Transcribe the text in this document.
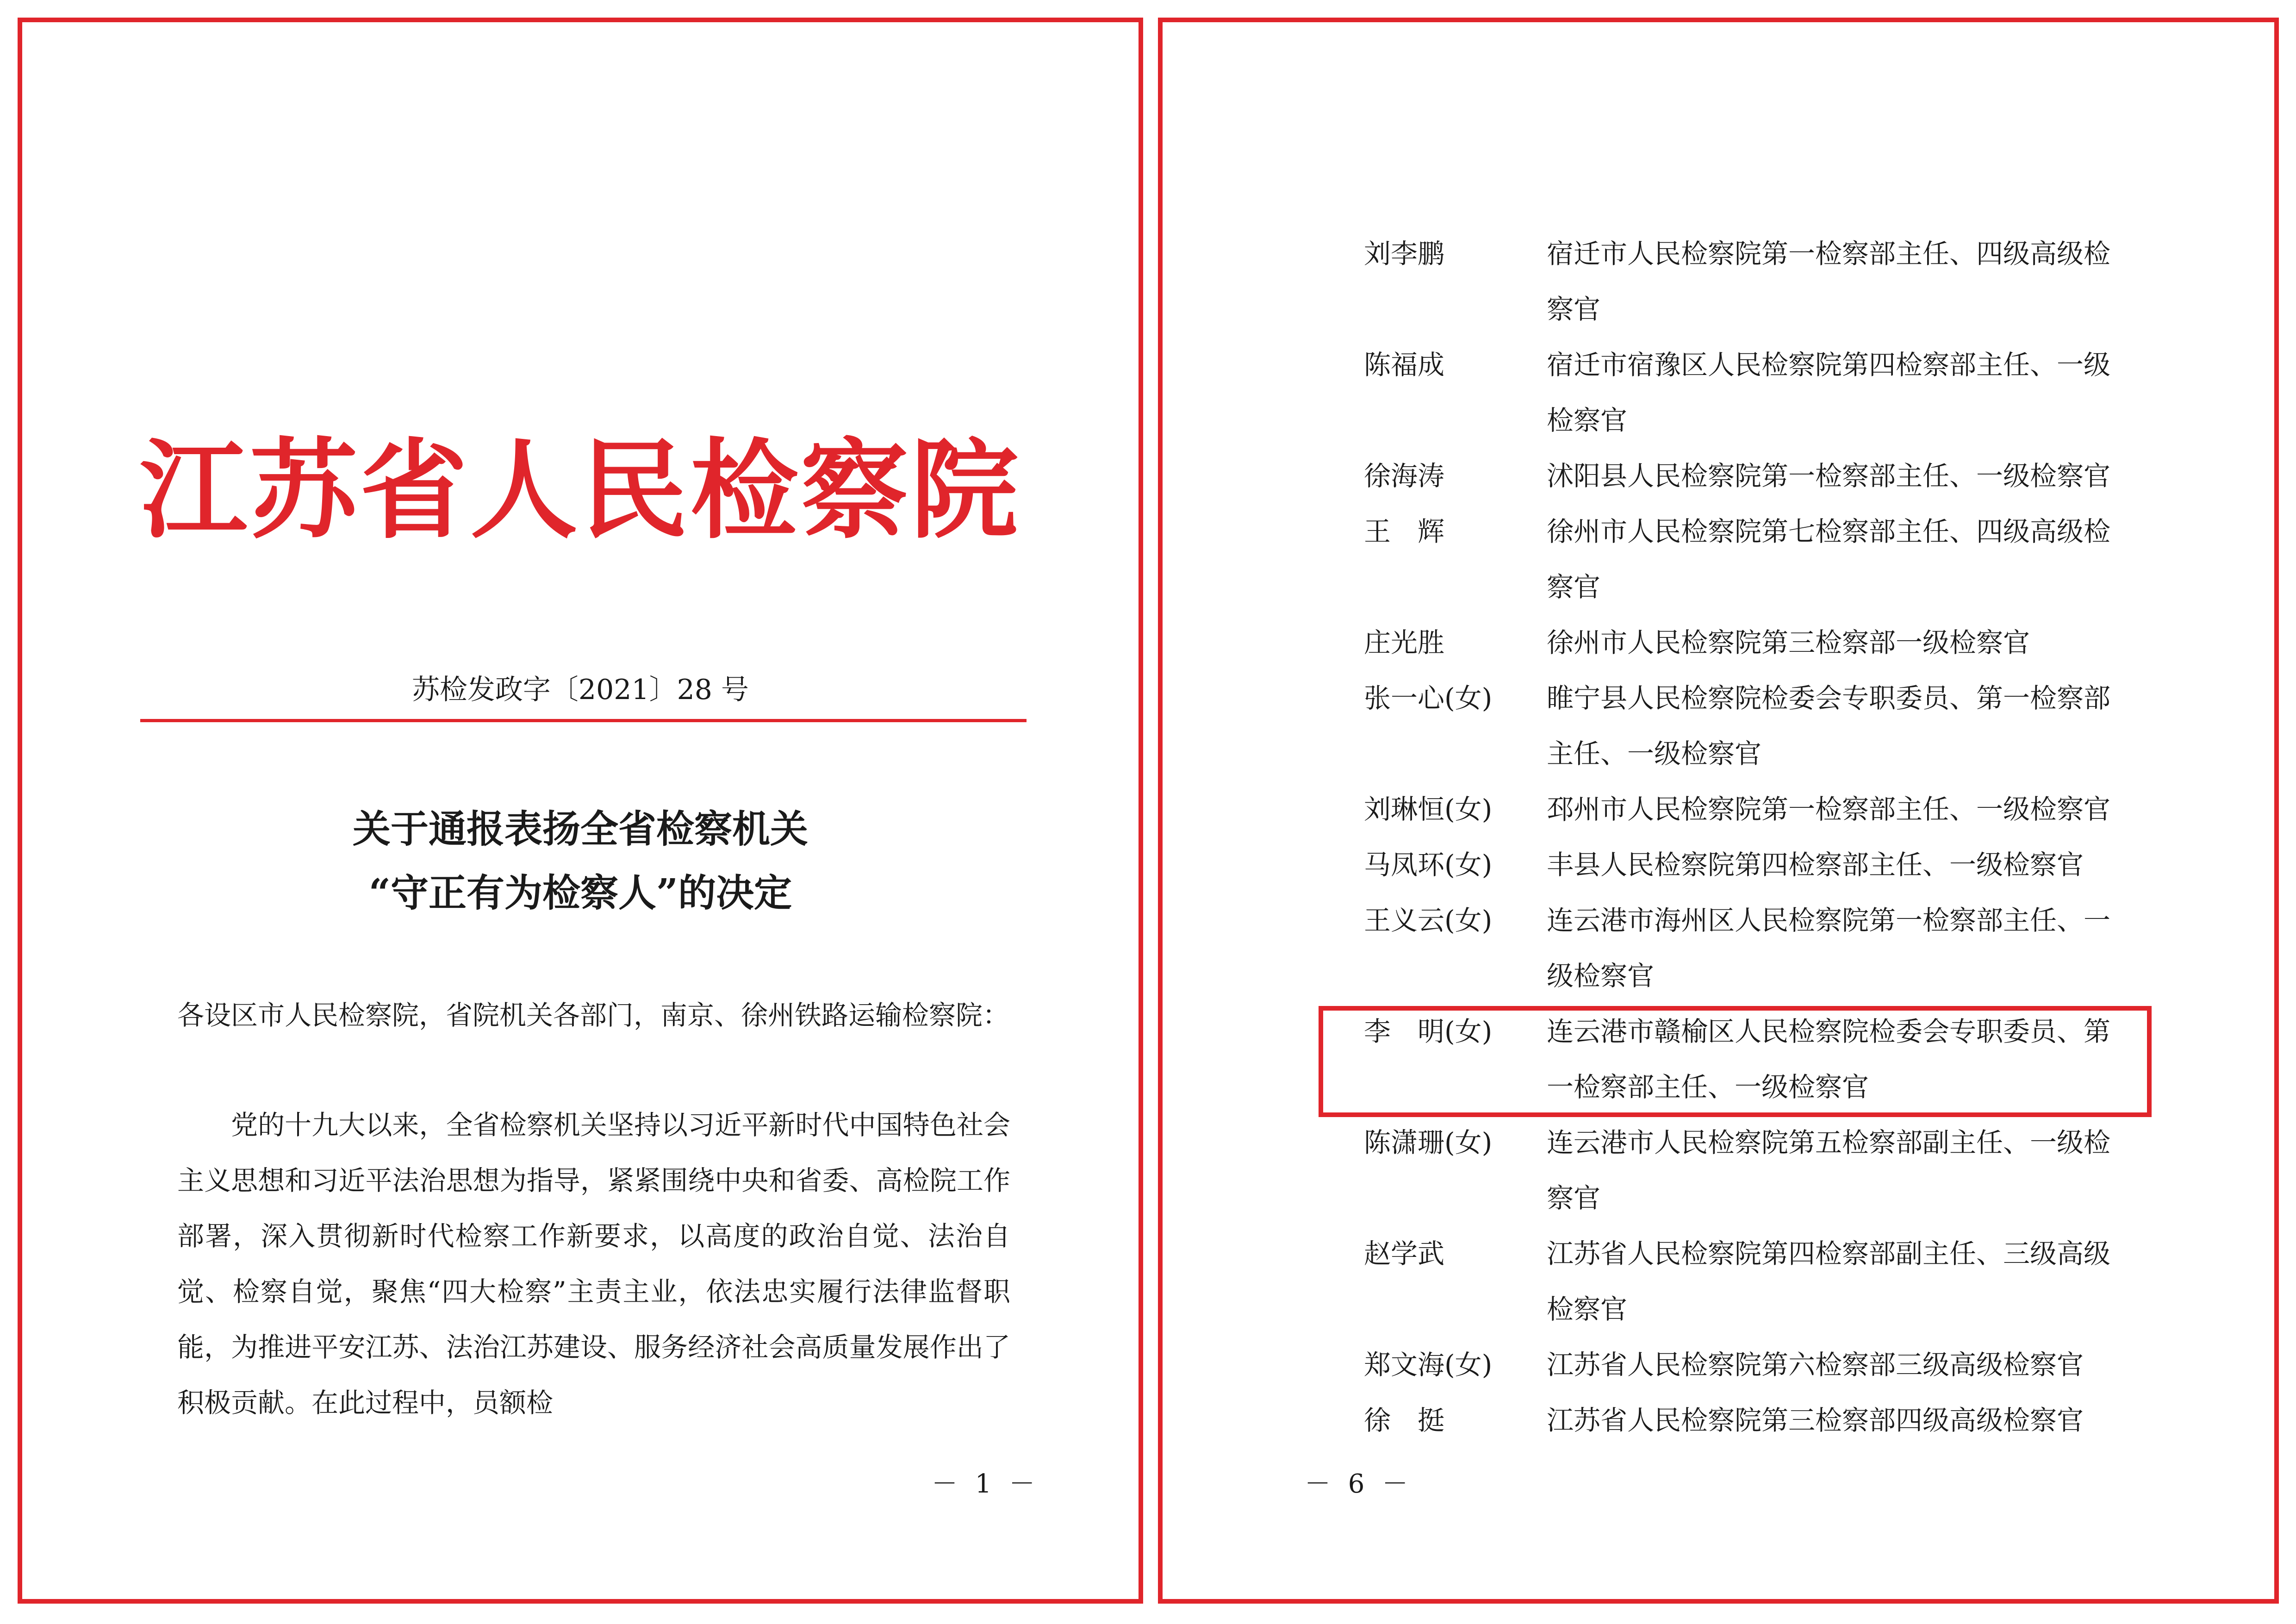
江苏省人民检察院
苏检发政字〔2021〕28 号
关于通报表扬全省检察机关
“守正有为检察人”的决定
各设区市人民检察院，省院机关各部门，南京、徐州铁路运输检察院：
党的十九大以来，全省检察机关坚持以习近平新时代中国特色社会主义思想和习近平法治思想为指导，紧紧围绕中央和省委、高检院工作部署，深入贯彻新时代检察工作新要求，以高度的政治自觉、法治自觉、检察自觉，聚焦“四大检察”主责主业，依法忠实履行法律监督职能，为推进平安江苏、法治江苏建设、服务经济社会高质量发展作出了积极贡献。在此过程中，员额检
－ 1 －
刘李鹏	宿迁市人民检察院第一检察部主任、四级高级检察官
陈福成	宿迁市宿豫区人民检察院第四检察部主任、一级检察官
徐海涛	沭阳县人民检察院第一检察部主任、一级检察官
王　辉	徐州市人民检察院第七检察部主任、四级高级检察官
庄光胜	徐州市人民检察院第三检察部一级检察官
张一心(女) 睢宁县人民检察院检委会专职委员、第一检察部主任、一级检察官
刘琳恒(女) 邳州市人民检察院第一检察部主任、一级检察官
马凤环(女) 丰县人民检察院第四检察部主任、一级检察官
王义云(女) 连云港市海州区人民检察院第一检察部主任、一级检察官
李　明(女) 连云港市赣榆区人民检察院检委会专职委员、第一检察部主任、一级检察官
陈潇珊(女) 连云港市人民检察院第五检察部副主任、一级检察官
赵学武	江苏省人民检察院第四检察部副主任、三级高级检察官
郑文海(女) 江苏省人民检察院第六检察部三级高级检察官
徐　挺	江苏省人民检察院第三检察部四级高级检察官
－ 6 －
